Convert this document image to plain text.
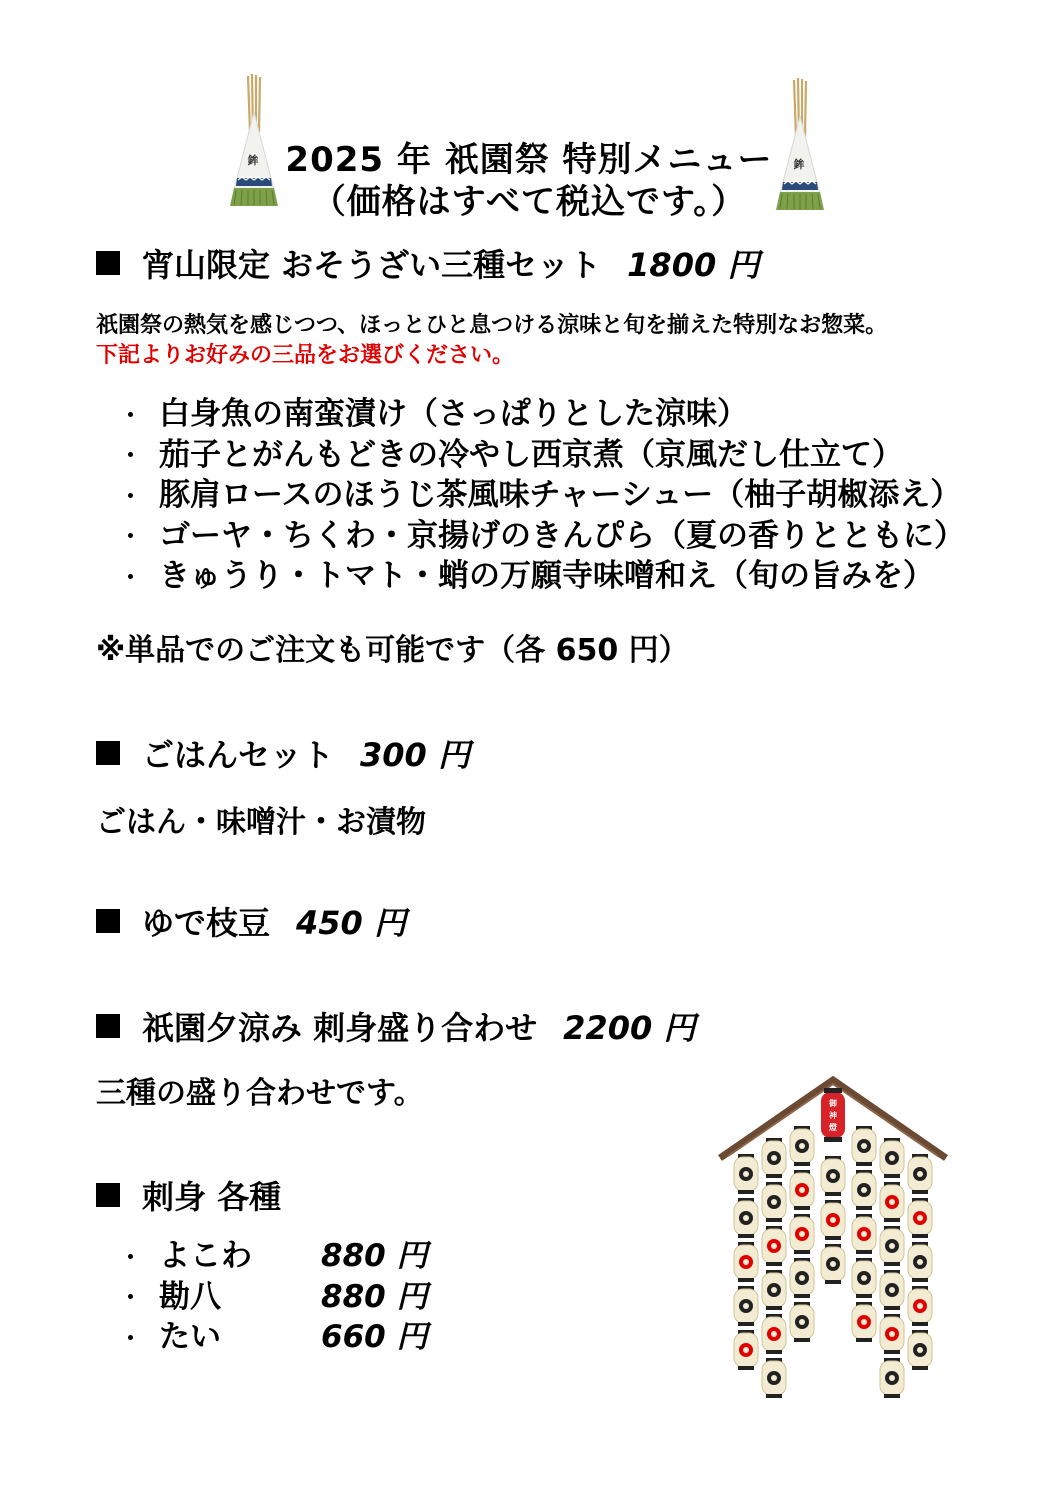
鉾	鉾
2025 年 祇園祭 特別メニュー
（価格はすべて税込です。）
宵山限定 おそうざい三種セット 1800 円
祇園祭の熱気を感じつつ、ほっとひと息つける涼味と旬を揃えた特別なお惣菜。
下記よりお好みの三品をお選びください。
白身魚の南蛮漬け（さっぱりとした涼味）
茄子とがんもどきの冷やし西京煮（京風だし仕立て）
豚肩ロースのほうじ茶風味チャーシュー（柚子胡椒添え）
ゴーヤ・ちくわ・京揚げのきんぴら（夏の香りとともに）
きゅうり・トマト・蛸の万願寺味噌和え（旬の旨みを）
※単品でのご注文も可能です（各 650 円）
ごはんセット 300 円
ごはん・味噌汁・お漬物
ゆで枝豆 450 円
祇園夕涼み 刺身盛り合わせ 2200 円
三種の盛り合わせです。
刺身 各種
よこわ	880 円
勘八	880 円
たい	660 円
御
神
燈
